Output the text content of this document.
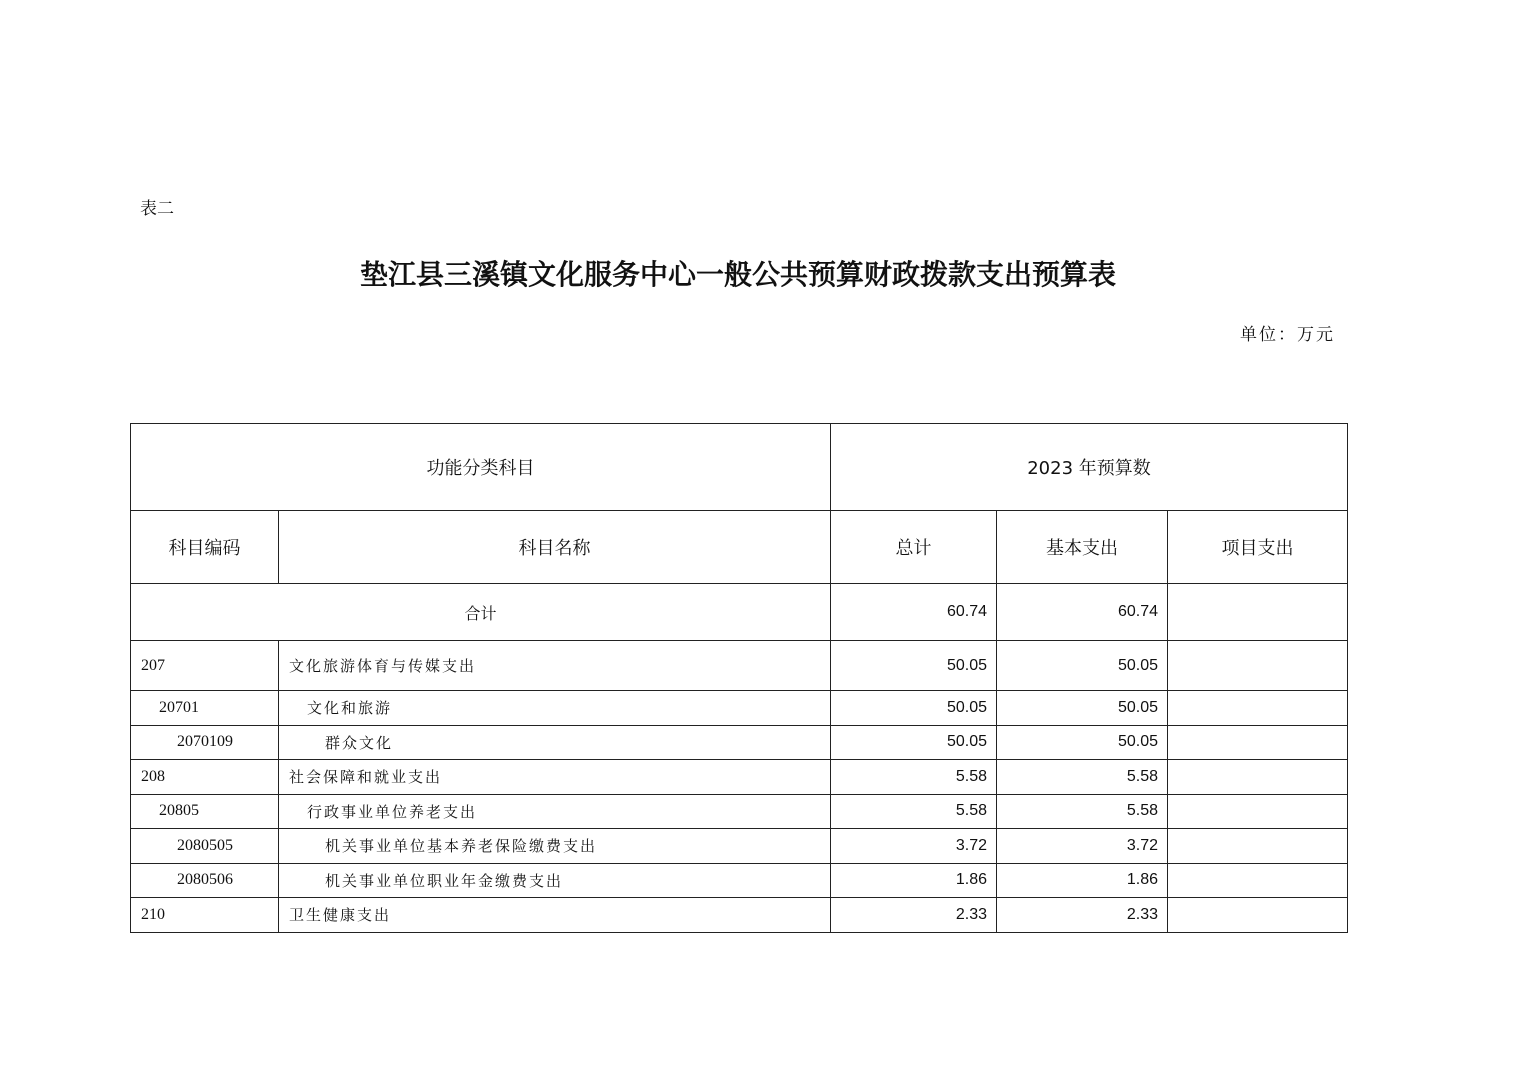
表二
垫江县三溪镇文化服务中心一般公共预算财政拨款支出预算表
单位：万元
功能分类科目		2023 年预算数		
科目编码	科目名称	总计	基本支出	项目支出
合计		60.74	60.74	
207	文化旅游体育与传媒支出	50.05	50.05	
20701	文化和旅游	50.05	50.05	
2070109	群众文化	50.05	50.05	
208	社会保障和就业支出	5.58	5.58	
20805	行政事业单位养老支出	5.58	5.58	
2080505	机关事业单位基本养老保险缴费支出	3.72	3.72	
2080506	机关事业单位职业年金缴费支出	1.86	1.86	
210	卫生健康支出	2.33	2.33	
